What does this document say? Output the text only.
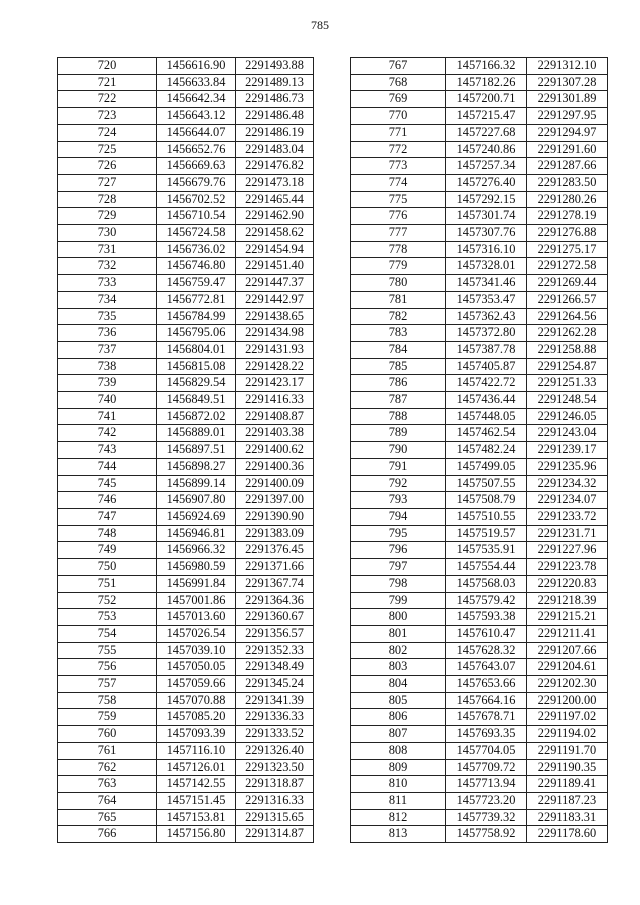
785
720	1456616.90	2291493.88
721	1456633.84	2291489.13
722	1456642.34	2291486.73
723	1456643.12	2291486.48
724	1456644.07	2291486.19
725	1456652.76	2291483.04
726	1456669.63	2291476.82
727	1456679.76	2291473.18
728	1456702.52	2291465.44
729	1456710.54	2291462.90
730	1456724.58	2291458.62
731	1456736.02	2291454.94
732	1456746.80	2291451.40
733	1456759.47	2291447.37
734	1456772.81	2291442.97
735	1456784.99	2291438.65
736	1456795.06	2291434.98
737	1456804.01	2291431.93
738	1456815.08	2291428.22
739	1456829.54	2291423.17
740	1456849.51	2291416.33
741	1456872.02	2291408.87
742	1456889.01	2291403.38
743	1456897.51	2291400.62
744	1456898.27	2291400.36
745	1456899.14	2291400.09
746	1456907.80	2291397.00
747	1456924.69	2291390.90
748	1456946.81	2291383.09
749	1456966.32	2291376.45
750	1456980.59	2291371.66
751	1456991.84	2291367.74
752	1457001.86	2291364.36
753	1457013.60	2291360.67
754	1457026.54	2291356.57
755	1457039.10	2291352.33
756	1457050.05	2291348.49
757	1457059.66	2291345.24
758	1457070.88	2291341.39
759	1457085.20	2291336.33
760	1457093.39	2291333.52
761	1457116.10	2291326.40
762	1457126.01	2291323.50
763	1457142.55	2291318.87
764	1457151.45	2291316.33
765	1457153.81	2291315.65
766	1457156.80	2291314.87
767	1457166.32	2291312.10
768	1457182.26	2291307.28
769	1457200.71	2291301.89
770	1457215.47	2291297.95
771	1457227.68	2291294.97
772	1457240.86	2291291.60
773	1457257.34	2291287.66
774	1457276.40	2291283.50
775	1457292.15	2291280.26
776	1457301.74	2291278.19
777	1457307.76	2291276.88
778	1457316.10	2291275.17
779	1457328.01	2291272.58
780	1457341.46	2291269.44
781	1457353.47	2291266.57
782	1457362.43	2291264.56
783	1457372.80	2291262.28
784	1457387.78	2291258.88
785	1457405.87	2291254.87
786	1457422.72	2291251.33
787	1457436.44	2291248.54
788	1457448.05	2291246.05
789	1457462.54	2291243.04
790	1457482.24	2291239.17
791	1457499.05	2291235.96
792	1457507.55	2291234.32
793	1457508.79	2291234.07
794	1457510.55	2291233.72
795	1457519.57	2291231.71
796	1457535.91	2291227.96
797	1457554.44	2291223.78
798	1457568.03	2291220.83
799	1457579.42	2291218.39
800	1457593.38	2291215.21
801	1457610.47	2291211.41
802	1457628.32	2291207.66
803	1457643.07	2291204.61
804	1457653.66	2291202.30
805	1457664.16	2291200.00
806	1457678.71	2291197.02
807	1457693.35	2291194.02
808	1457704.05	2291191.70
809	1457709.72	2291190.35
810	1457713.94	2291189.41
811	1457723.20	2291187.23
812	1457739.32	2291183.31
813	1457758.92	2291178.60
